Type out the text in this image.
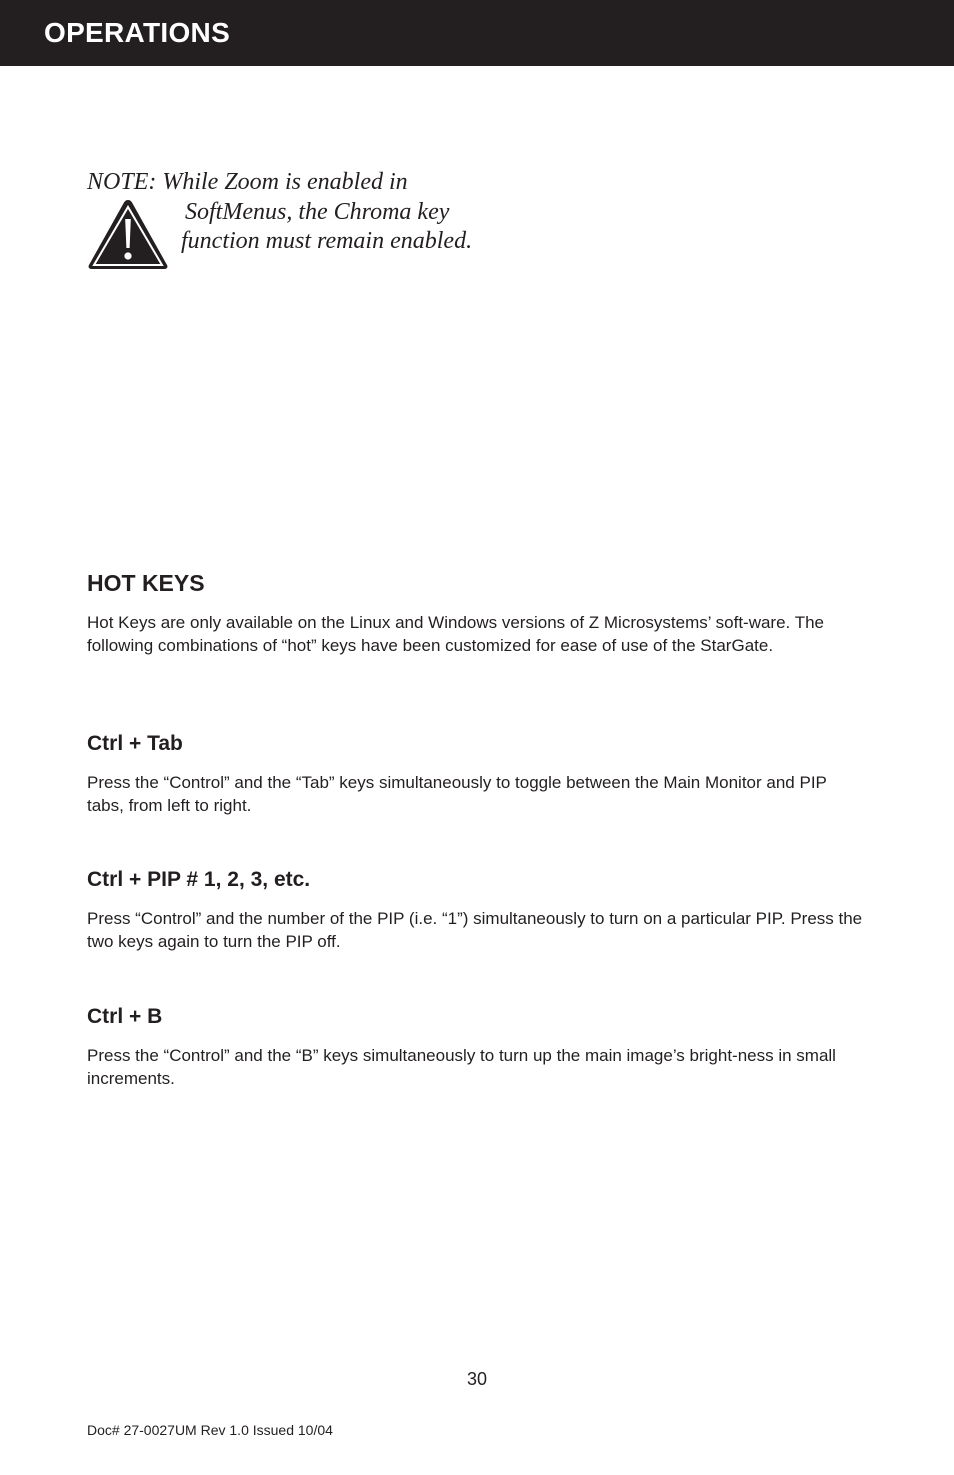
OPERATIONS
NOTE: While Zoom is enabled in
SoftMenus, the Chroma key
function must remain enabled.
HOT KEYS
Hot Keys are only available on the Linux and Windows versions of Z Microsystems’ soft-ware. The following combinations of “hot” keys have been customized for ease of use of the StarGate.
Ctrl + Tab
Press the “Control” and the “Tab” keys simultaneously to toggle between the Main Monitor and PIP tabs, from left to right.
Ctrl + PIP # 1, 2, 3, etc.
Press “Control” and the number of the PIP (i.e. “1”) simultaneously to turn on a particular PIP. Press the two keys again to turn the PIP off.
Ctrl + B
Press the “Control” and the “B” keys simultaneously to turn up the main image’s bright-ness in small increments.
30
Doc# 27-0027UM Rev 1.0 Issued 10/04
